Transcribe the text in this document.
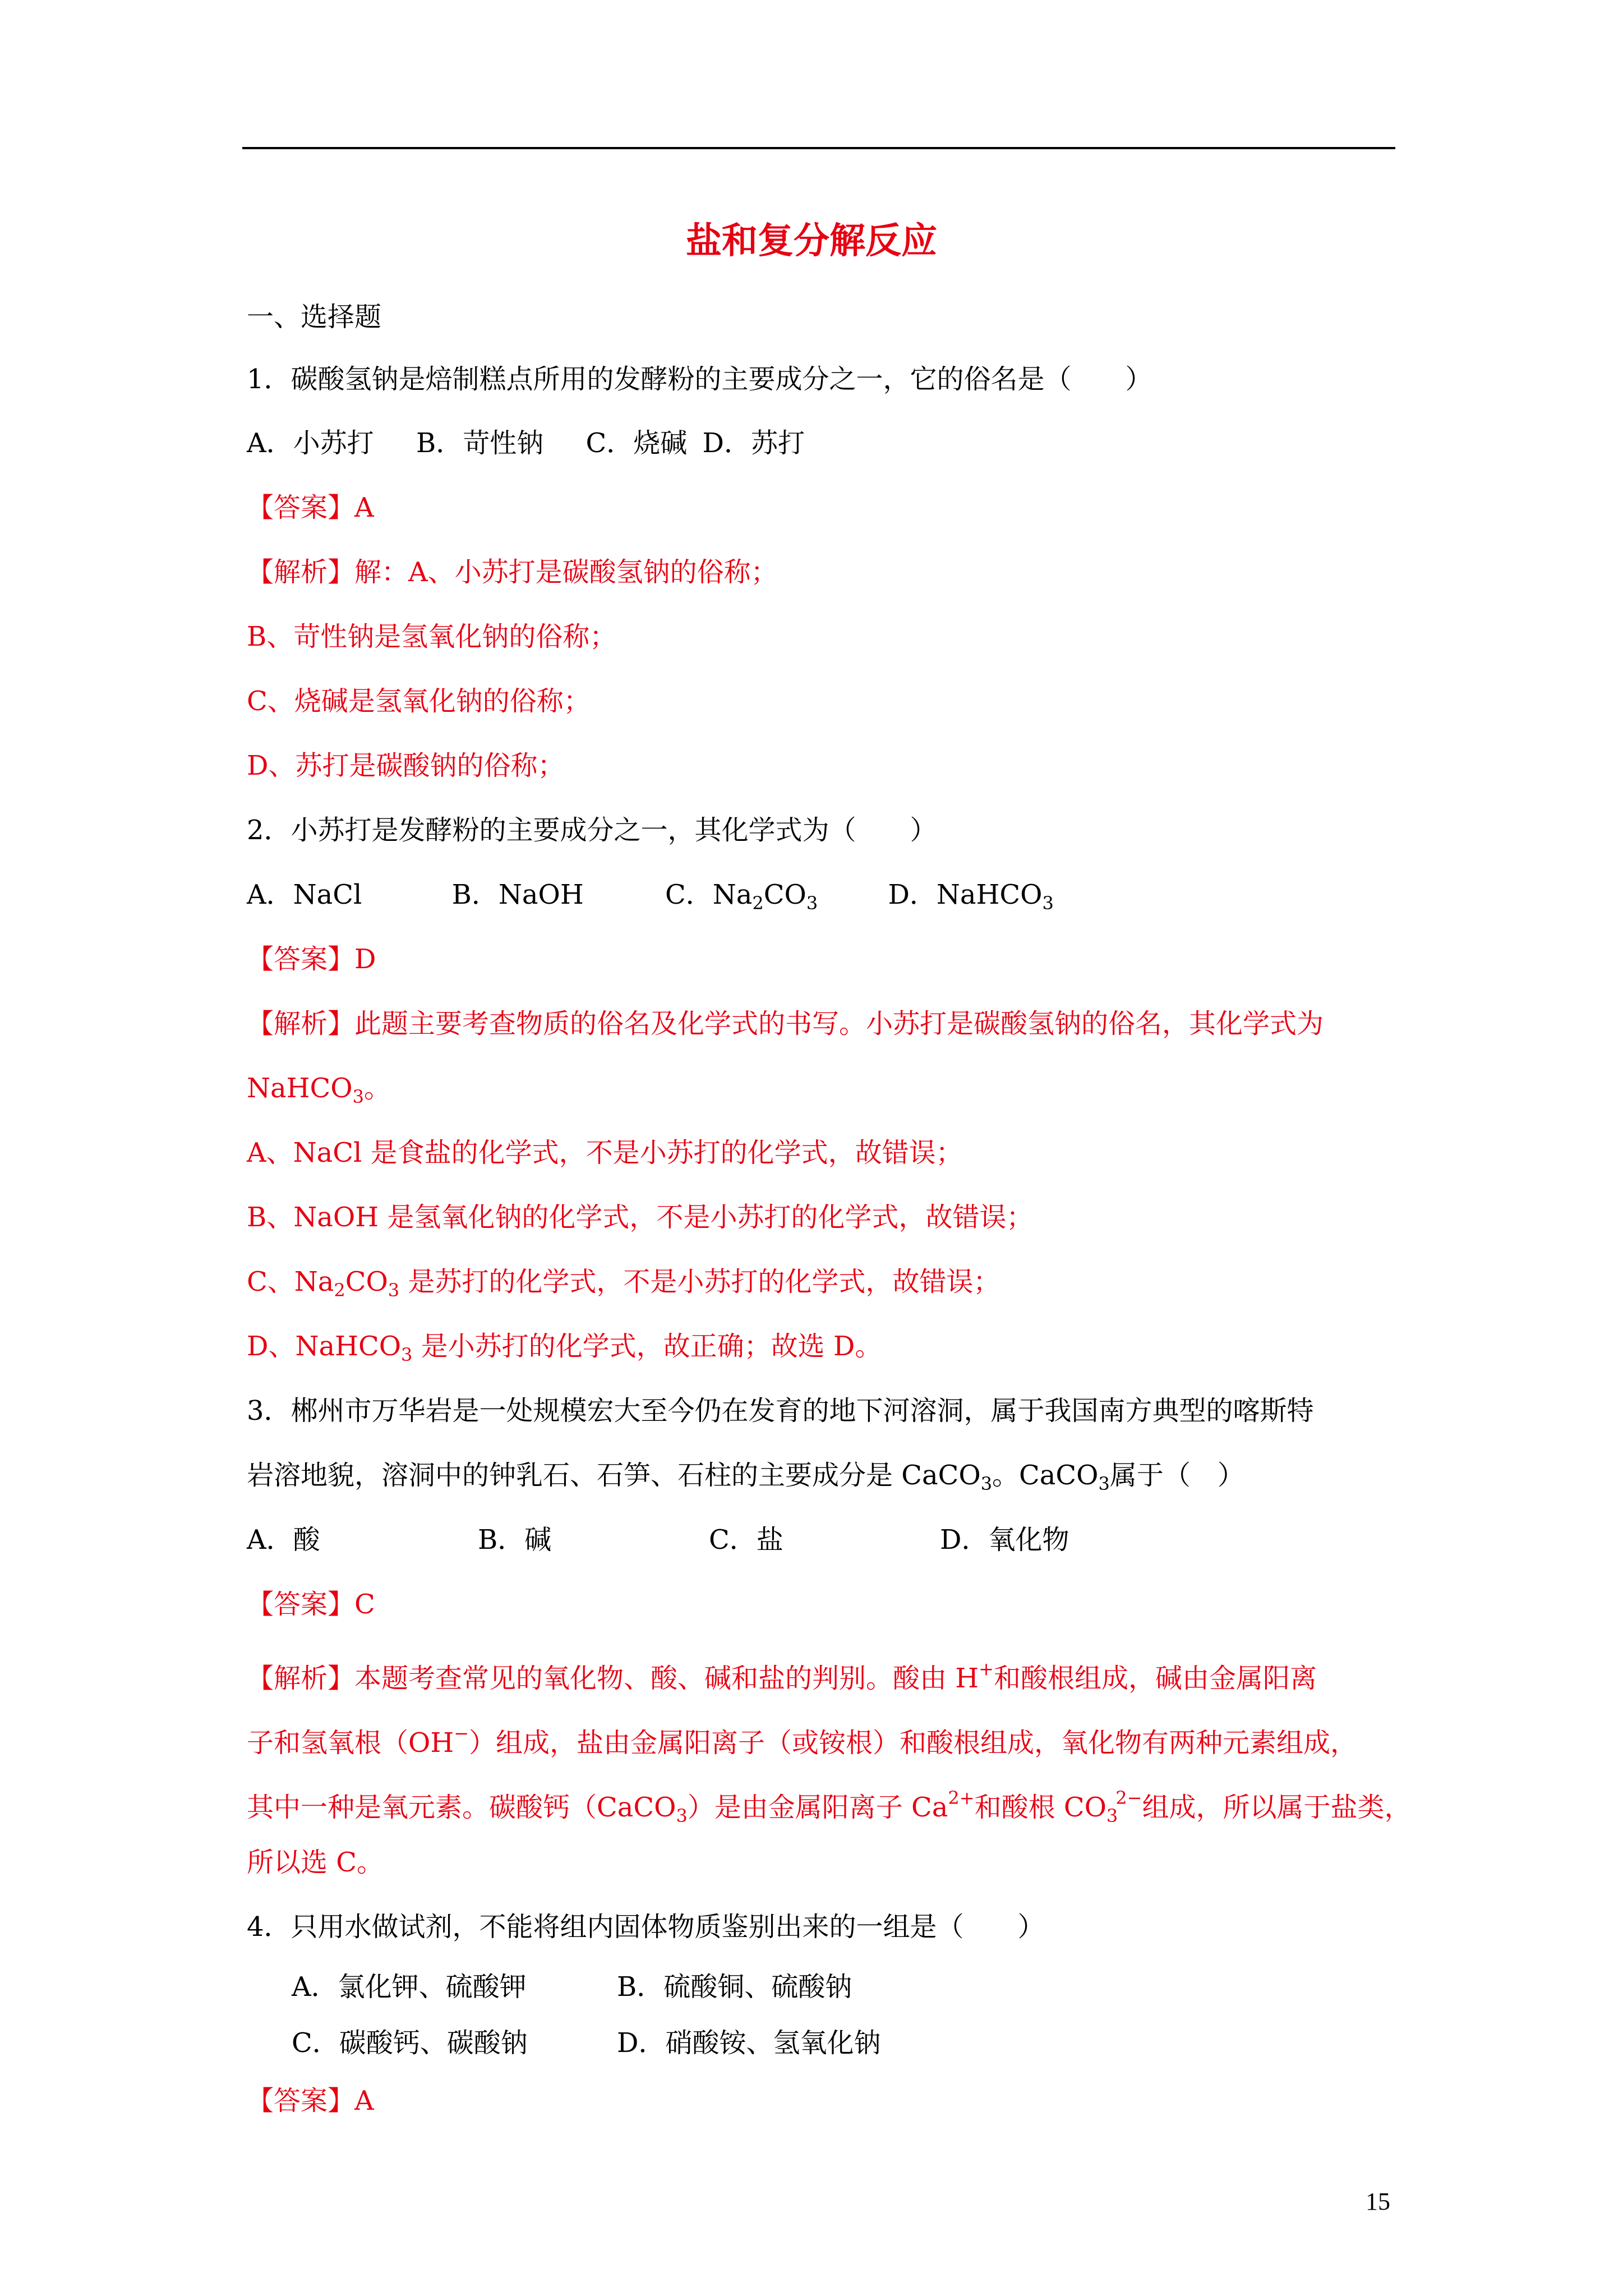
盐和复分解反应
一、选择题
1．碳酸氢钠是焙制糕点所用的发酵粉的主要成分之一，它的俗名是（　　）
A．小苏打 B．苛性钠 C．烧碱 D．苏打
【答案】A
【解析】解：A、小苏打是碳酸氢钠的俗称；
B、苛性钠是氢氧化钠的俗称；
C、烧碱是氢氧化钠的俗称；
D、苏打是碳酸钠的俗称；
2．小苏打是发酵粉的主要成分之一，其化学式为（　　）
A．NaCl	B．NaOH	C．$Na_2CO_3$	D．NaHCO$_3$
【答案】D
【解析】此题主要考查物质的俗名及化学式的书写。小苏打是碳酸氢钠的俗名，其化学式为
NaHCO$_3$。
A、NaCl 是食盐的化学式，不是小苏打的化学式，故错误；
B、NaOH 是氢氧化钠的化学式，不是小苏打的化学式，故错误；
C、$Na_2CO_3$ 是苏打的化学式，不是小苏打的化学式，故错误；
D、NaHCO$_3$ 是小苏打的化学式，故正确；故选 D。
3．郴州市万华岩是一处规模宏大至今仍在发育的地下河溶洞，属于我国南方典型的喀斯特
岩溶地貌，溶洞中的钟乳石、石笋、石柱的主要成分是 CaCO$_3$。CaCO$_3$属于（　）
A．酸	B．碱	C．盐	D．氧化物
【答案】C
【解析】本题考查常见的氧化物、酸、碱和盐的判别。酸由 H+和酸根组成，碱由金属阳离
子和氢氧根（OH−）组成，盐由金属阳离子（或铵根）和酸根组成，氧化物有两种元素组成，
其中一种是氧元素。碳酸钙（CaCO$_3$）是由金属阳离子 $Ca^{2+}$和酸根 $CO_3^{2-}$组成，所以属于盐类，
所以选 C。
4．只用水做试剂，不能将组内固体物质鉴别出来的一组是（　　）
A．氯化钾、硫酸钾	B．硫酸铜、硫酸钠
C．碳酸钙、碳酸钠	D．硝酸铵、氢氧化钠
【答案】A
15
